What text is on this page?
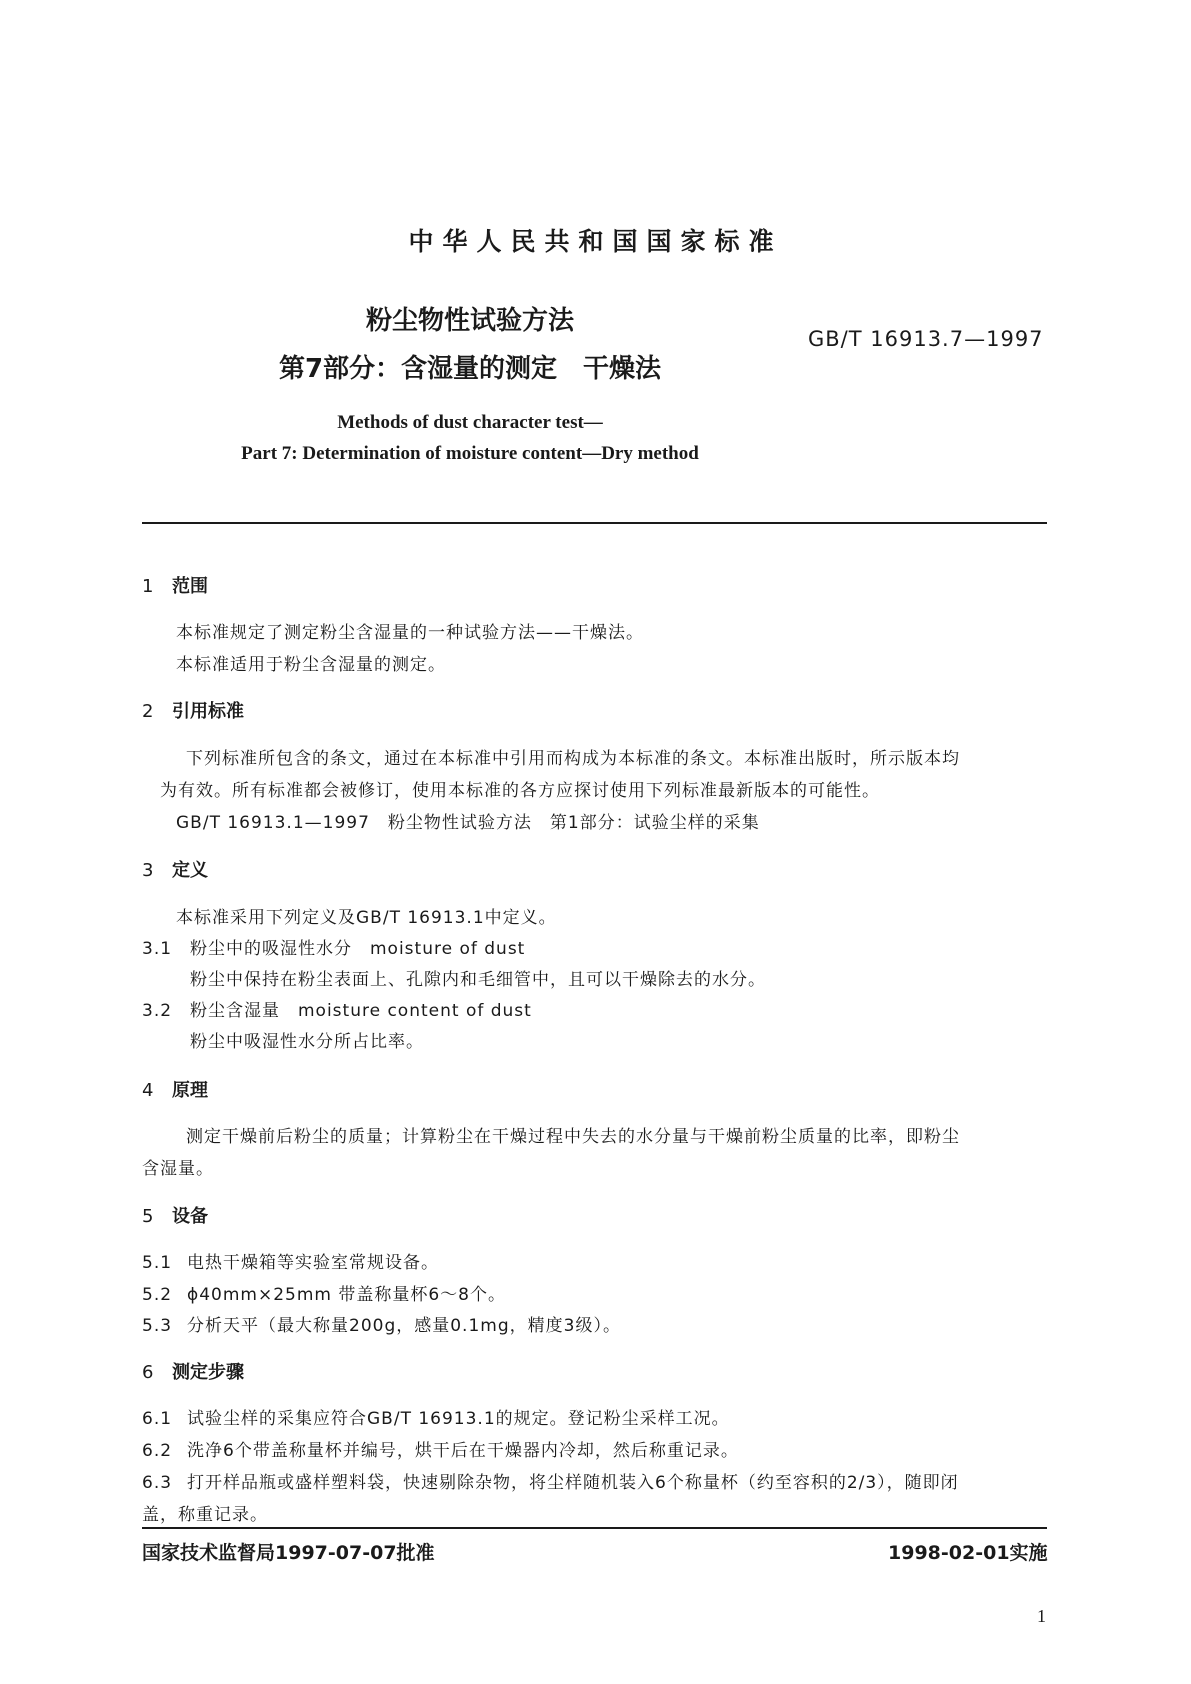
中华人民共和国国家标准
粉尘物性试验方法
第7部分：含湿量的测定　干燥法
GB/T 16913.7—1997
Methods of dust character test—
Part 7: Determination of moisture content—Dry method
1 范围
本标准规定了测定粉尘含湿量的一种试验方法——干燥法。
本标准适用于粉尘含湿量的测定。
2 引用标准
下列标准所包含的条文，通过在本标准中引用而构成为本标准的条文。本标准出版时，所示版本均
为有效。所有标准都会被修订，使用本标准的各方应探讨使用下列标准最新版本的可能性。
GB/T 16913.1—1997　粉尘物性试验方法　第1部分：试验尘样的采集
3 定义
本标准采用下列定义及GB/T 16913.1中定义。
3.1 粉尘中的吸湿性水分　moisture of dust
粉尘中保持在粉尘表面上、孔隙内和毛细管中，且可以干燥除去的水分。
3.2 粉尘含湿量　moisture content of dust
粉尘中吸湿性水分所占比率。
4 原理
测定干燥前后粉尘的质量；计算粉尘在干燥过程中失去的水分量与干燥前粉尘质量的比率，即粉尘
含湿量。
5 设备
5.1 电热干燥箱等实验室常规设备。
5.2 ϕ40mm×25mm 带盖称量杯6～8个。
5.3 分析天平（最大称量200g，感量0.1mg，精度3级）。
6 测定步骤
6.1 试验尘样的采集应符合GB/T 16913.1的规定。登记粉尘采样工况。
6.2 洗净6个带盖称量杯并编号，烘干后在干燥器内冷却，然后称重记录。
6.3 打开样品瓶或盛样塑料袋，快速剔除杂物，将尘样随机装入6个称量杯（约至容积的2/3），随即闭
盖，称重记录。
国家技术监督局1997-07-07批准	1998-02-01实施
1
